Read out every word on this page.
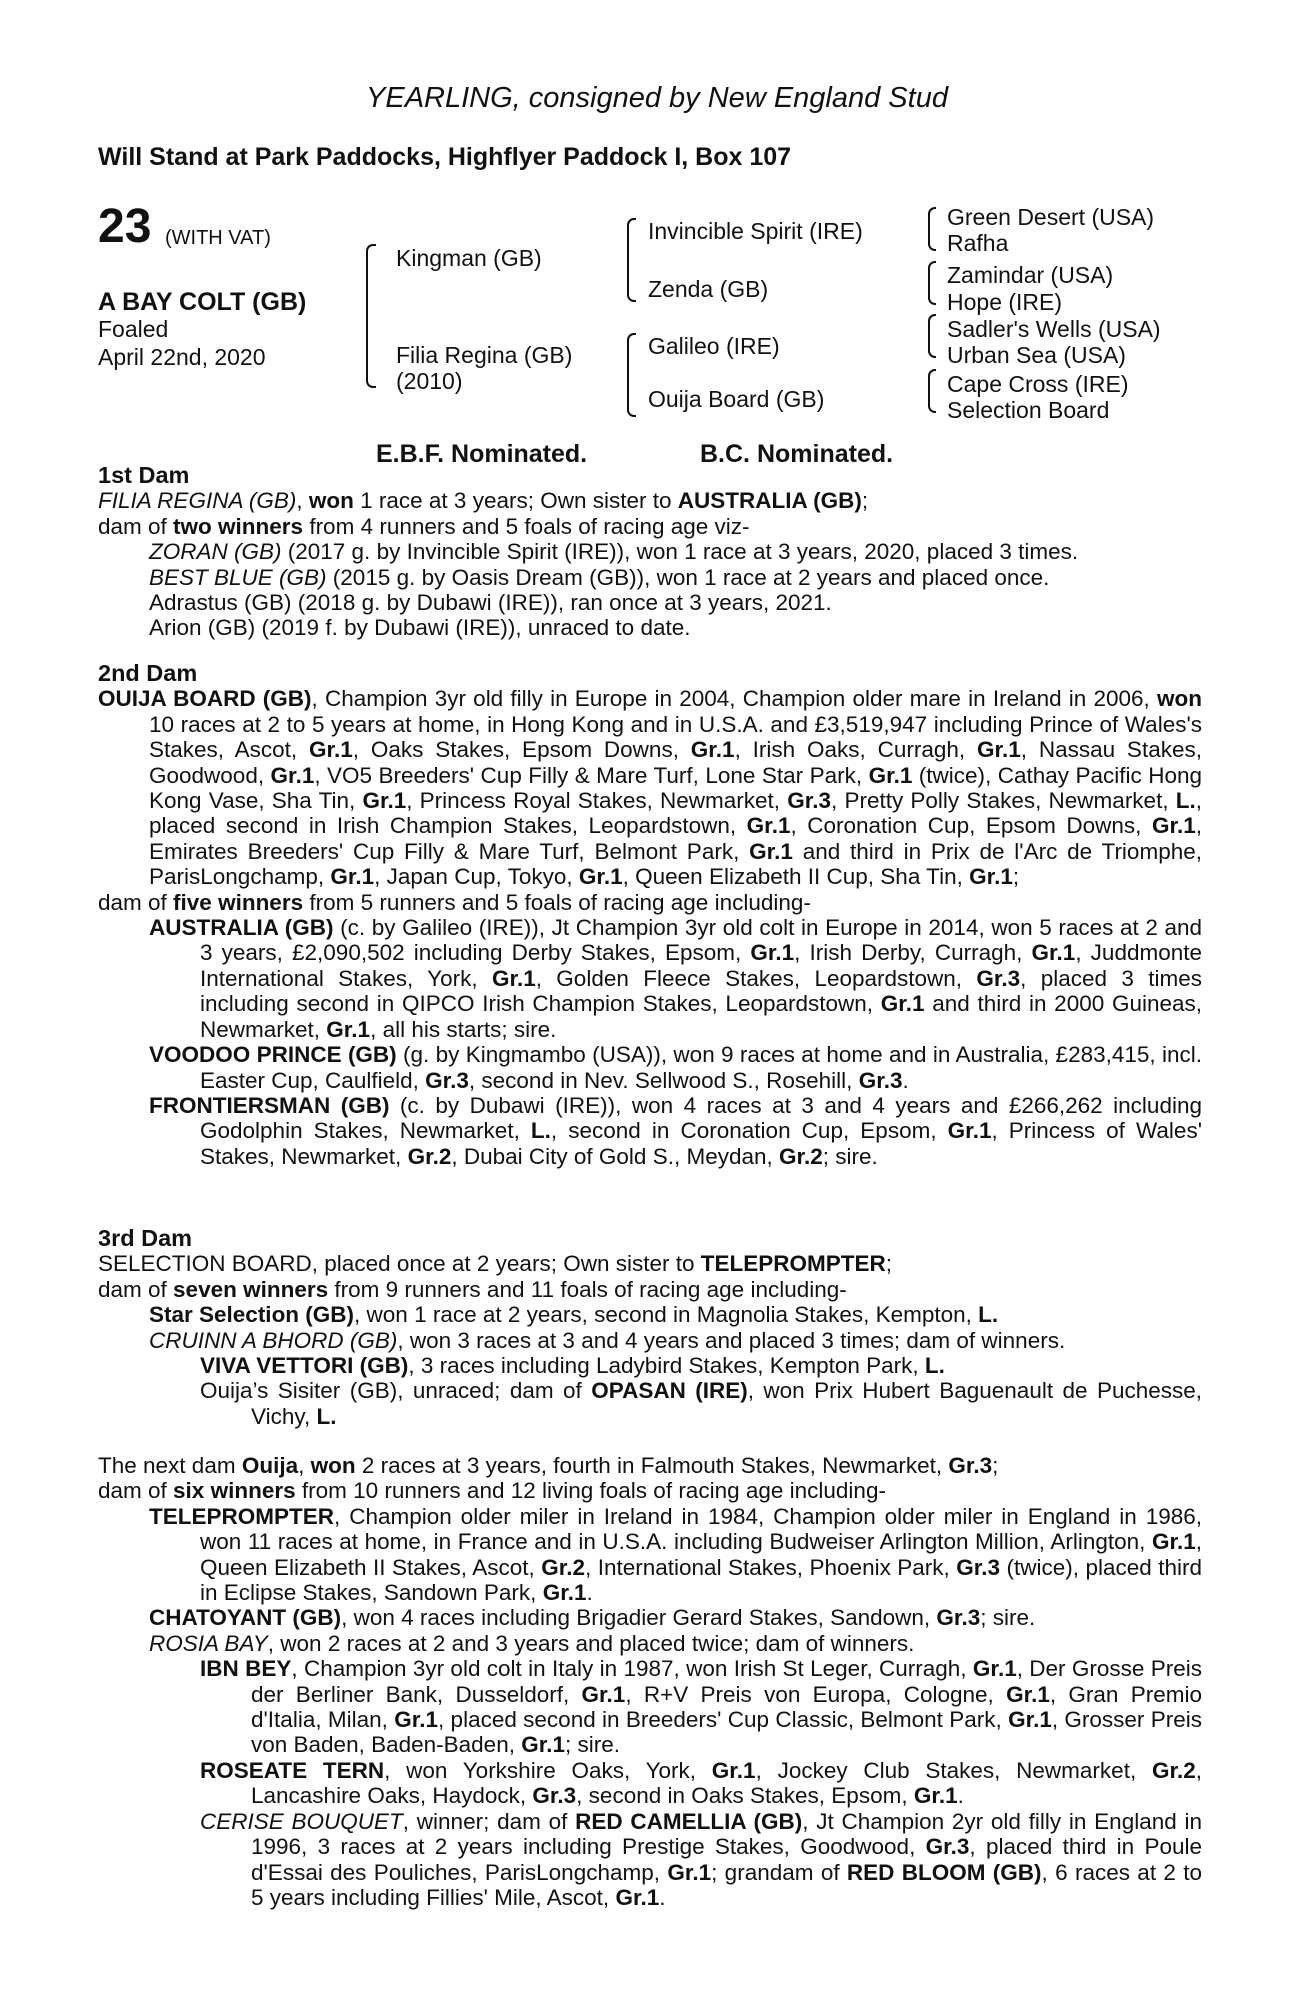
YEARLING, consigned by New England Stud
Will Stand at Park Paddocks, Highflyer Paddock I, Box 107
23 (WITH VAT)
A BAY COLT (GB)
Foaled
April 22nd, 2020
Kingman (GB)
Filia Regina (GB)
(2010)
Invincible Spirit (IRE)
Zenda (GB)
Galileo (IRE)
Ouija Board (GB)
Green Desert (USA)
Rafha
Zamindar (USA)
Hope (IRE)
Sadler's Wells (USA)
Urban Sea (USA)
Cape Cross (IRE)
Selection Board
E.B.F. Nominated.	B.C. Nominated.

1st Dam

FILIA REGINA (GB), won 1 race at 3 years; Own sister to AUSTRALIA (GB);

dam of two winners from 4 runners and 5 foals of racing age viz-

ZORAN (GB) (2017 g. by Invincible Spirit (IRE)), won 1 race at 3 years, 2020, placed 3 times.

BEST BLUE (GB) (2015 g. by Oasis Dream (GB)), won 1 race at 2 years and placed once.

Adrastus (GB) (2018 g. by Dubawi (IRE)), ran once at 3 years, 2021.

Arion (GB) (2019 f. by Dubawi (IRE)), unraced to date.

2nd Dam

OUIJA BOARD (GB), Champion 3yr old filly in Europe in 2004, Champion older mare in Ireland in 2006, won 10 races at 2 to 5 years at home, in Hong Kong and in U.S.A. and £3,519,947 including Prince of Wales's Stakes, Ascot, Gr.1, Oaks Stakes, Epsom Downs, Gr.1, Irish Oaks, Curragh, Gr.1, Nassau Stakes, Goodwood, Gr.1, VO5 Breeders' Cup Filly & Mare Turf, Lone Star Park, Gr.1 (twice), Cathay Pacific Hong Kong Vase, Sha Tin, Gr.1, Princess Royal Stakes, Newmarket, Gr.3, Pretty Polly Stakes, Newmarket, L., placed second in Irish Champion Stakes, Leopardstown, Gr.1, Coronation Cup, Epsom Downs, Gr.1, Emirates Breeders' Cup Filly & Mare Turf, Belmont Park, Gr.1 and third in Prix de l'Arc de Triomphe, ParisLongchamp, Gr.1, Japan Cup, Tokyo, Gr.1, Queen Elizabeth II Cup, Sha Tin, Gr.1;

dam of five winners from 5 runners and 5 foals of racing age including-

AUSTRALIA (GB) (c. by Galileo (IRE)), Jt Champion 3yr old colt in Europe in 2014, won 5 races at 2 and 3 years, £2,090,502 including Derby Stakes, Epsom, Gr.1, Irish Derby, Curragh, Gr.1, Juddmonte International Stakes, York, Gr.1, Golden Fleece Stakes, Leopardstown, Gr.3, placed 3 times including second in QIPCO Irish Champion Stakes, Leopardstown, Gr.1 and third in 2000 Guineas, Newmarket, Gr.1, all his starts; sire.

VOODOO PRINCE (GB) (g. by Kingmambo (USA)), won 9 races at home and in Australia, £283,415, incl. Easter Cup, Caulfield, Gr.3, second in Nev. Sellwood S., Rosehill, Gr.3.

FRONTIERSMAN (GB) (c. by Dubawi (IRE)), won 4 races at 3 and 4 years and £266,262 including Godolphin Stakes, Newmarket, L., second in Coronation Cup, Epsom, Gr.1, Princess of Wales' Stakes, Newmarket, Gr.2, Dubai City of Gold S., Meydan, Gr.2; sire.

3rd Dam

SELECTION BOARD, placed once at 2 years; Own sister to TELEPROMPTER;

dam of seven winners from 9 runners and 11 foals of racing age including-

Star Selection (GB), won 1 race at 2 years, second in Magnolia Stakes, Kempton, L.

CRUINN A BHORD (GB), won 3 races at 3 and 4 years and placed 3 times; dam of winners.

VIVA VETTORI (GB), 3 races including Ladybird Stakes, Kempton Park, L.

Ouija’s Sisiter (GB), unraced; dam of OPASAN (IRE), won Prix Hubert Baguenault de Puchesse, Vichy, L.

The next dam Ouija, won 2 races at 3 years, fourth in Falmouth Stakes, Newmarket, Gr.3;

dam of six winners from 10 runners and 12 living foals of racing age including-

TELEPROMPTER, Champion older miler in Ireland in 1984, Champion older miler in England in 1986, won 11 races at home, in France and in U.S.A. including Budweiser Arlington Million, Arlington, Gr.1, Queen Elizabeth II Stakes, Ascot, Gr.2, International Stakes, Phoenix Park, Gr.3 (twice), placed third in Eclipse Stakes, Sandown Park, Gr.1.

CHATOYANT (GB), won 4 races including Brigadier Gerard Stakes, Sandown, Gr.3; sire.

ROSIA BAY, won 2 races at 2 and 3 years and placed twice; dam of winners.

IBN BEY, Champion 3yr old colt in Italy in 1987, won Irish St Leger, Curragh, Gr.1, Der Grosse Preis der Berliner Bank, Dusseldorf, Gr.1, R+V Preis von Europa, Cologne, Gr.1, Gran Premio d'Italia, Milan, Gr.1, placed second in Breeders' Cup Classic, Belmont Park, Gr.1, Grosser Preis von Baden, Baden-Baden, Gr.1; sire.

ROSEATE TERN, won Yorkshire Oaks, York, Gr.1, Jockey Club Stakes, Newmarket, Gr.2, Lancashire Oaks, Haydock, Gr.3, second in Oaks Stakes, Epsom, Gr.1.

CERISE BOUQUET, winner; dam of RED CAMELLIA (GB), Jt Champion 2yr old filly in England in 1996, 3 races at 2 years including Prestige Stakes, Goodwood, Gr.3, placed third in Poule d'Essai des Pouliches, ParisLongchamp, Gr.1; grandam of RED BLOOM (GB), 6 races at 2 to 5 years including Fillies' Mile, Ascot, Gr.1.
